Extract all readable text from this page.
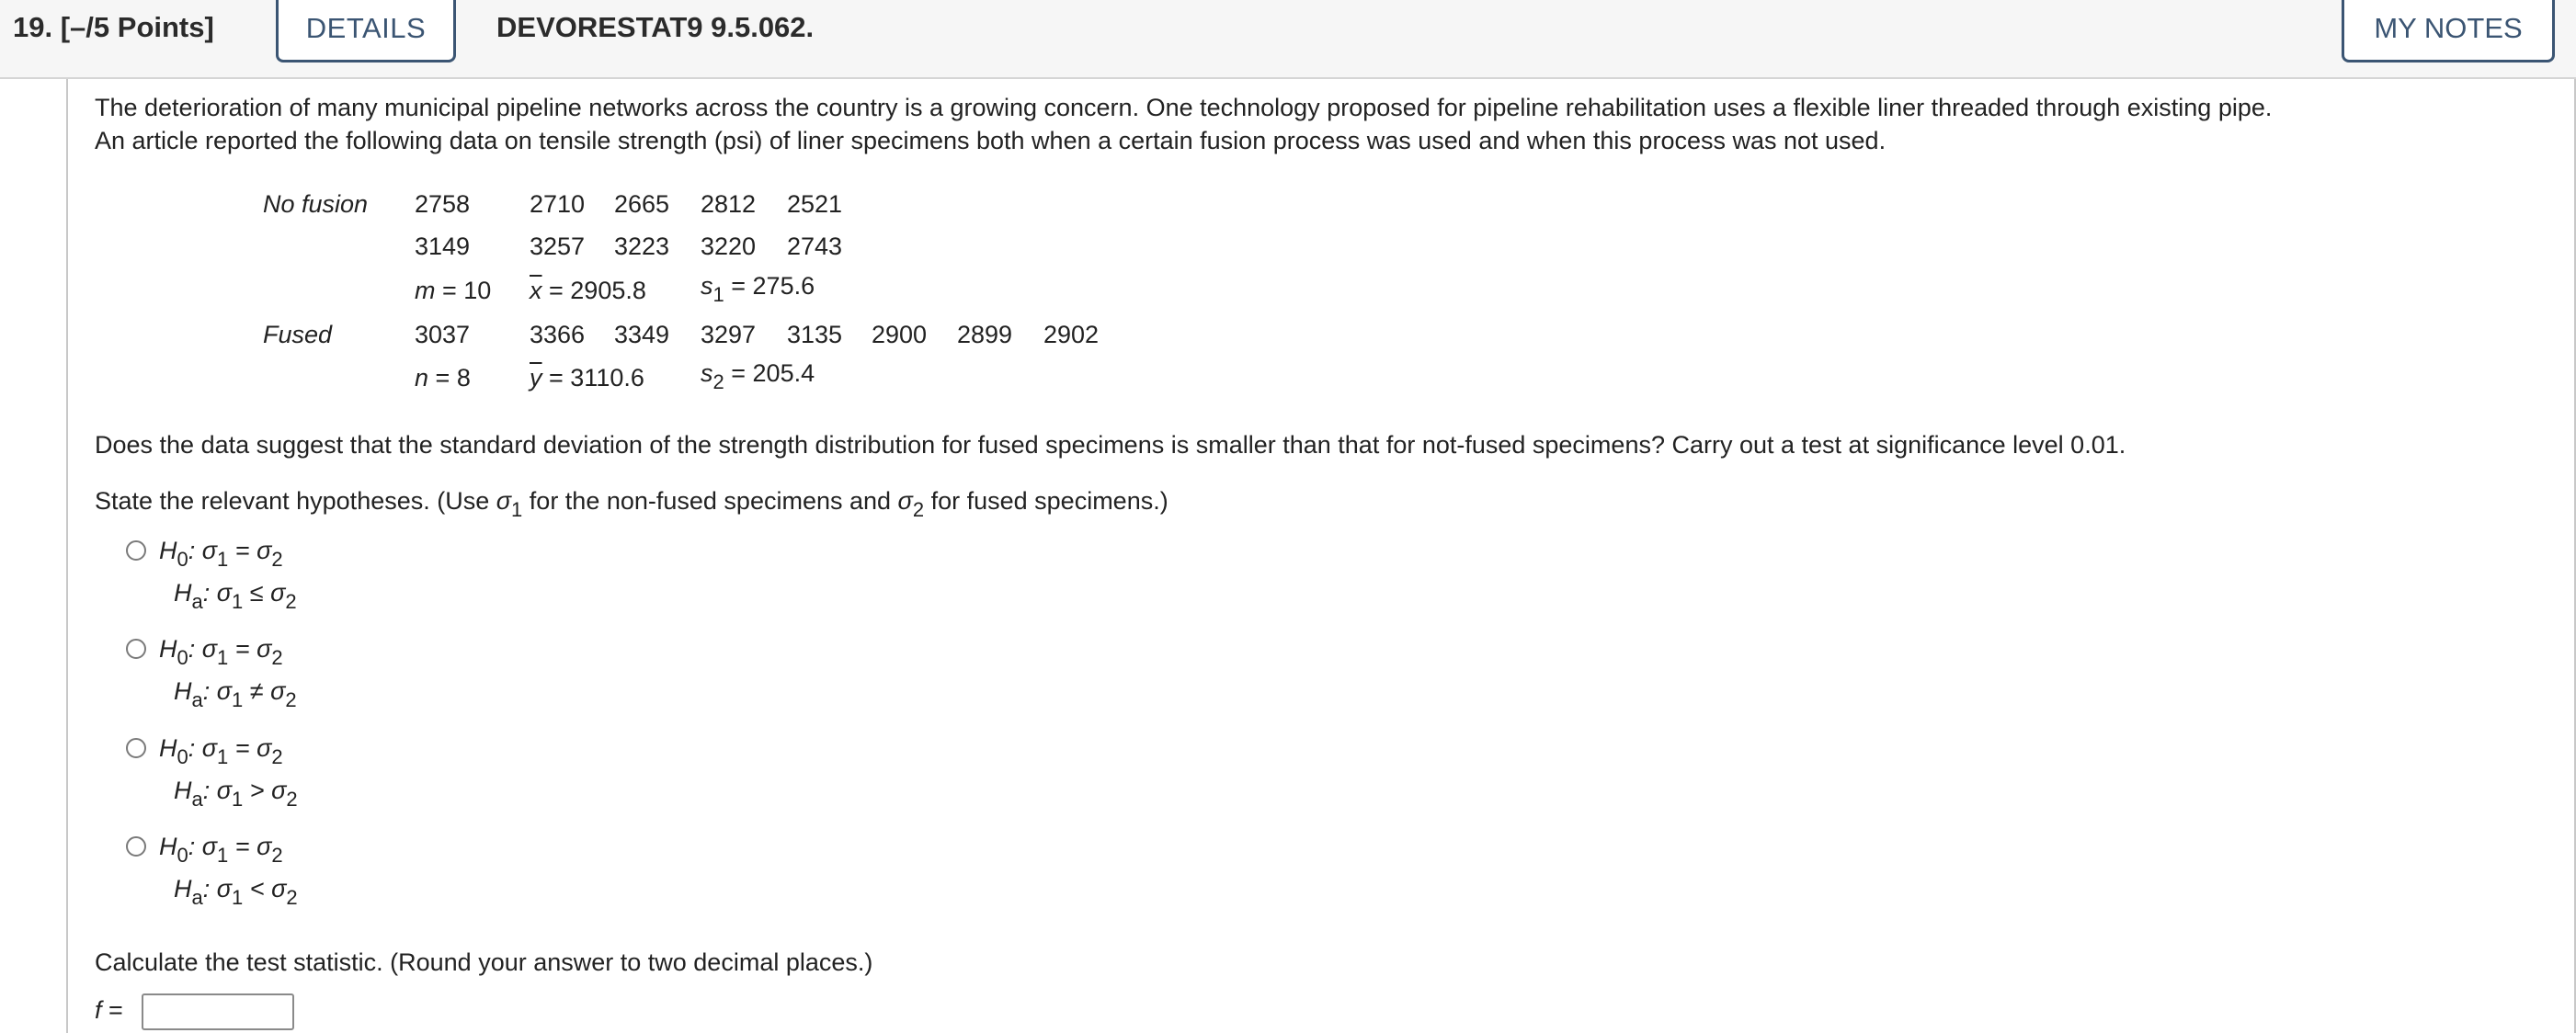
19. [–/5 Points]	DETAILS	DEVORESTAT9 9.5.062.	MY NOTES
The deterioration of many municipal pipeline networks across the country is a growing concern. One technology proposed for pipeline rehabilitation uses a flexible liner threaded through existing pipe.
An article reported the following data on tensile strength (psi) of liner specimens both when a certain fusion process was used and when this process was not used.
No fusion 2758 2710 2665 2812 2521
3149 3257 3223 3220 2743
m = 10 $\overline{x} = 2905.8$ $s_1 = 275.6$
Fused	3037 3366 3349 3297 3135 2900 2899 2902
n = 8 $\overline{y} = 3110.6$ $s_2 = 205.4$
Does the data suggest that the standard deviation of the strength distribution for fused specimens is smaller than that for not-fused specimens? Carry out a test at significance level 0.01.
State the relevant hypotheses. (Use $\sigma_1$ for the non-fused specimens and $\sigma_2$ for fused specimens.)
$H_0$: $\sigma_1 = \sigma_2$
$H_a$: $\sigma_1 \le \sigma_2$
$H_0$: $\sigma_1 = \sigma_2$
$H_a$: $\sigma_1 \ne \sigma_2$
$H_0$: $\sigma_1 = \sigma_2$
$H_a$: $\sigma_1 > \sigma_2$
$H_0$: $\sigma_1 = \sigma_2$
$H_a$: $\sigma_1 < \sigma_2$
Calculate the test statistic. (Round your answer to two decimal places.)
f =
